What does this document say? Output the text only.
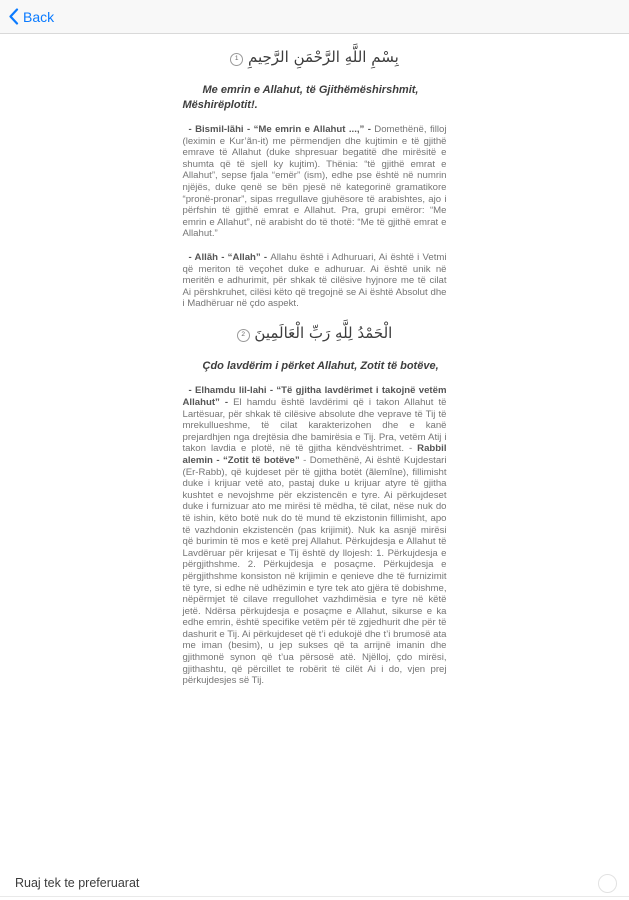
Back
بِسْمِ اللَّهِ الرَّحْمَنِ الرَّحِيمِ 1
Me emrin e Allahut, të Gjithëmëshirshmit, Mëshirëplotit!.

- Bismil-lãhi - “Me emrin e Allahut ...,” - Domethënë, filloj (leximin e Kur’ãn-it) me përmendjen dhe kujtimin e të gjithë emrave të Allahut (duke shpresuar begatitë dhe mirësitë e shumta që të sjell ky kujtim). Thënia: “të gjithë emrat e Allahut”, sepse fjala “emër” (ism), edhe pse është në numrin njëjës, duke qenë se bën pjesë në kategorinë gramatikore “pronë-pronar”, sipas rregullave gjuhësore të arabishtes, ajo i përfshin të gjithë emrat e Allahut. Pra, grupi emëror: “Me emrin e Allahut”, në arabisht do të thotë: “Me të gjithë emrat e Allahut.”

- Allãh - “Allah” - Allahu është i Adhuruari, Ai është i Vetmi që meriton të veçohet duke e adhuruar. Ai është unik në meritën e adhurimit, për shkak të cilësive hyjnore me të cilat Ai përshkruhet, cilësi këto që tregojnë se Ai është Absolut dhe i Madhëruar në çdo aspekt.

الْحَمْدُ لِلَّهِ رَبِّ الْعَالَمِينَ 2
Çdo lavdërim i përket Allahut, Zotit të botëve,

- Elhamdu lil-lahi - “Të gjitha lavdërimet i takojnë vetëm Allahut” - El hamdu është lavdërimi që i takon Allahut të Lartësuar, për shkak të cilësive absolute dhe veprave të Tij të mrekullueshme, të cilat karakterizohen dhe e kanë prejardhjen nga drejtësia dhe bamirësia e Tij. Pra, vetëm Atij i takon lavdia e plotë, në të gjitha këndvështrimet. - Rabbil alemin - “Zotit të botëve” - Domethënë, Ai është Kujdestari (Er-Rabb), që kujdeset për të gjitha botët (ãlemîne), fillimisht duke i krijuar vetë ato, pastaj duke u krijuar atyre të gjitha kushtet e nevojshme për ekzistencën e tyre. Ai përkujdeset duke i furnizuar ato me mirësi të mëdha, të cilat, nëse nuk do të ishin, këto botë nuk do të mund të ekzistonin fillimisht, apo të vazhdonin ekzistencën (pas krijimit). Nuk ka asnjë mirësi që burimin të mos e ketë prej Allahut. Përkujdesja e Allahut të Lavdëruar për krijesat e Tij është dy llojesh: 1. Përkujdesja e përgjithshme. 2. Përkujdesja e posaçme. Përkujdesja e përgjithshme konsiston në krijimin e qenieve dhe të furnizimit të tyre, si edhe në udhëzimin e tyre tek ato gjëra të dobishme, nëpërmjet të cilave rregullohet vazhdimësia e tyre në këtë jetë. Ndërsa përkujdesja e posaçme e Allahut, sikurse e ka edhe emrin, është specifike vetëm për të zgjedhurit dhe për të dashurit e Tij. Ai përkujdeset që t’i edukojë dhe t’i brumosë ata me iman (besim), u jep sukses që ta arrijnë imanin dhe gjithmonë synon që t’ua përsosë atë. Njëlloj, çdo mirësi, gjithashtu, që përcillet te robërit të cilët Ai i do, vjen prej përkujdesjes së Tij.

Ruaj tek te preferuarat
